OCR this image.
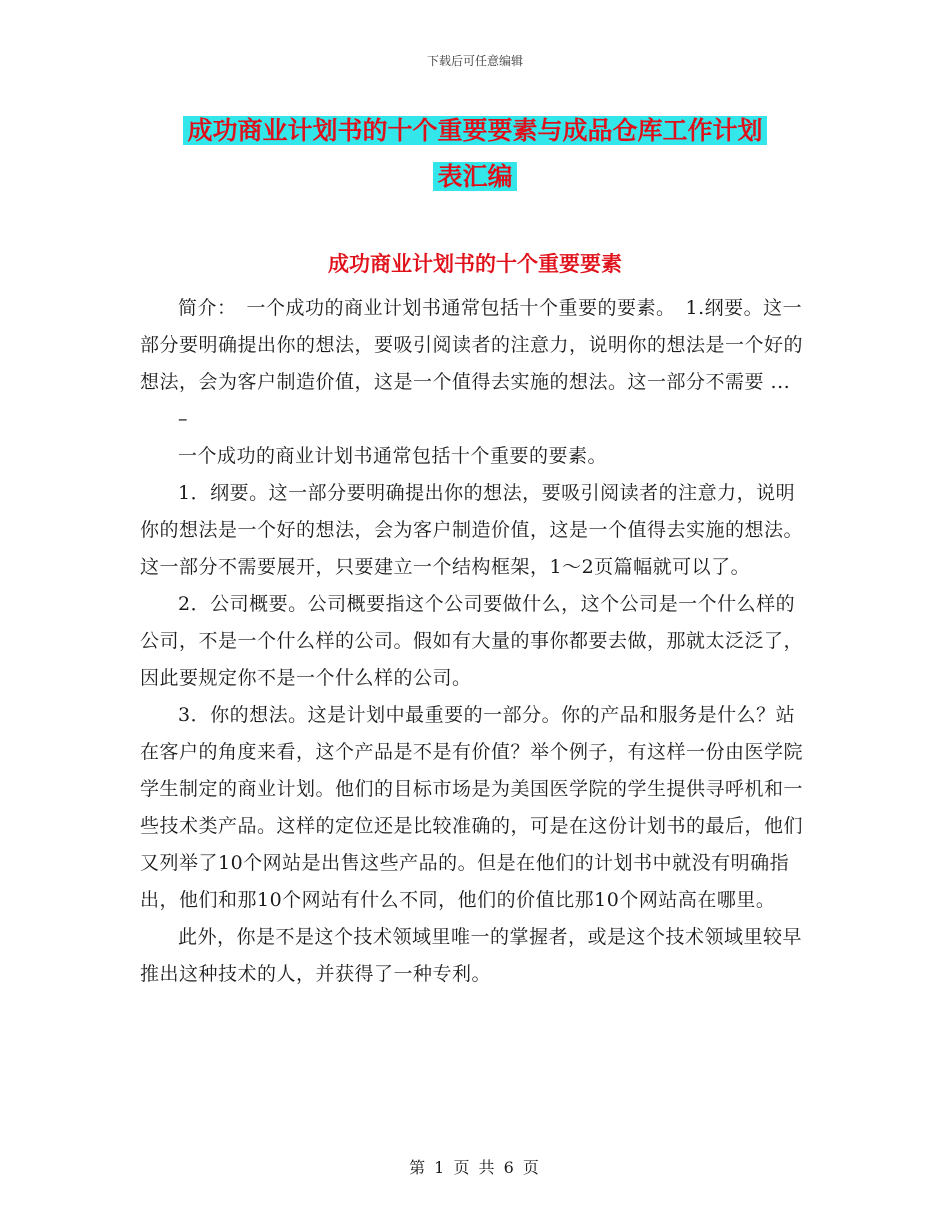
下载后可任意编辑
成功商业计划书的十个重要要素与成品仓库工作计划
表汇编
成功商业计划书的十个重要要素

简介：　一个成功的商业计划书通常包括十个重要的要素。　1.纲要。这一部分要明确提出你的想法，要吸引阅读者的注意力，说明你的想法是一个好的想法，会为客户制造价值，这是一个值得去实施的想法。这一部分不需要 ...

–

一个成功的商业计划书通常包括十个重要的要素。

1．纲要。这一部分要明确提出你的想法，要吸引阅读者的注意力，说明你的想法是一个好的想法，会为客户制造价值，这是一个值得去实施的想法。这一部分不需要展开，只要建立一个结构框架，1～2页篇幅就可以了。

2．公司概要。公司概要指这个公司要做什么，这个公司是一个什么样的公司，不是一个什么样的公司。假如有大量的事你都要去做，那就太泛泛了，因此要规定你不是一个什么样的公司。

3．你的想法。这是计划中最重要的一部分。你的产品和服务是什么？站在客户的角度来看，这个产品是不是有价值？举个例子，有这样一份由医学院学生制定的商业计划。他们的目标市场是为美国医学院的学生提供寻呼机和一些技术类产品。这样的定位还是比较准确的，可是在这份计划书的最后，他们又列举了10个网站是出售这些产品的。但是在他们的计划书中就没有明确指出，他们和那10个网站有什么不同，他们的价值比那10个网站高在哪里。

此外，你是不是这个技术领域里唯一的掌握者，或是这个技术领域里较早推出这种技术的人，并获得了一种专利。

第 1 页 共 6 页
